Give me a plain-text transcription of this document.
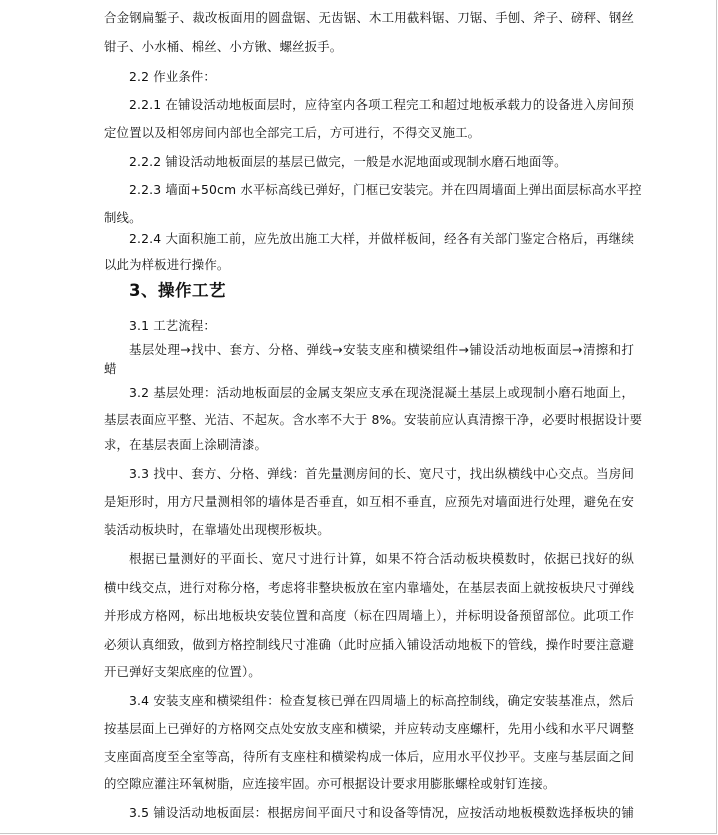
合金钢扁錾子、裁改板面用的圆盘锯、无齿锯、木工用截料锯、刀锯、手刨、斧子、磅秤、钢丝
钳子、小水桶、棉丝、小方锹、螺丝扳手。
2.2 作业条件：
2.2.1 在铺设活动地板面层时，应待室内各项工程完工和超过地板承载力的设备进入房间预
定位置以及相邻房间内部也全部完工后，方可进行，不得交叉施工。
2.2.2 铺设活动地板面层的基层已做完，一般是水泥地面或现制水磨石地面等。
2.2.3 墙面+50cm 水平标高线已弹好，门框已安装完。并在四周墙面上弹出面层标高水平控
制线。
2.2.4 大面积施工前，应先放出施工大样，并做样板间，经各有关部门鉴定合格后，再继续
以此为样板进行操作。
3、操作工艺
3.1 工艺流程：
基层处理→找中、套方、分格、弹线→安装支座和横梁组件→铺设活动地板面层→清擦和打
蜡
3.2 基层处理：活动地板面层的金属支架应支承在现浇混凝土基层上或现制小磨石地面上，
基层表面应平整、光洁、不起灰。含水率不大于 8%。安装前应认真清擦干净，必要时根据设计要
求，在基层表面上涂刷清漆。
3.3 找中、套方、分格、弹线：首先量测房间的长、宽尺寸，找出纵横线中心交点。当房间
是矩形时，用方尺量测相邻的墙体是否垂直，如互相不垂直，应预先对墙面进行处理，避免在安
装活动板块时，在靠墙处出现楔形板块。
根据已量测好的平面长、宽尺寸进行计算，如果不符合活动板块模数时，依据已找好的纵
横中线交点，进行对称分格，考虑将非整块板放在室内靠墙处，在基层表面上就按板块尺寸弹线
并形成方格网，标出地板块安装位置和高度（标在四周墙上），并标明设备预留部位。此项工作
必须认真细致，做到方格控制线尺寸准确（此时应插入铺设活动地板下的管线，操作时要注意避
开已弹好支架底座的位置）。
3.4 安装支座和横梁组件：检查复核已弹在四周墙上的标高控制线，确定安装基准点，然后
按基层面上已弹好的方格网交点处安放支座和横梁，并应转动支座螺杆，先用小线和水平尺调整
支座面高度至全室等高，待所有支座柱和横梁构成一体后，应用水平仪抄平。支座与基层面之间
的空隙应灌注环氧树脂，应连接牢固。亦可根据设计要求用膨胀螺栓或射钉连接。
3.5 铺设活动地板面层：根据房间平面尺寸和设备等情况，应按活动地板模数选择板块的铺
